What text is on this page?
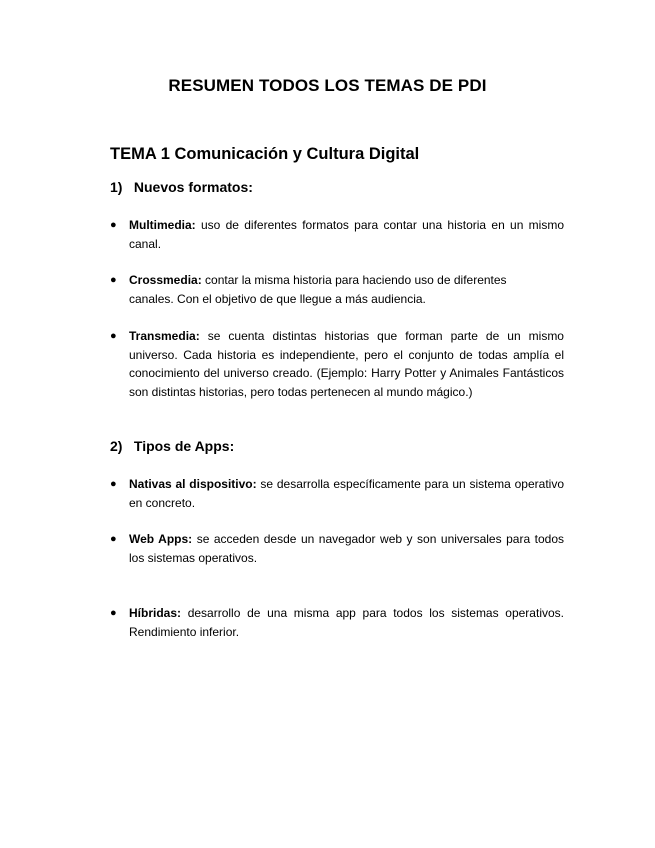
RESUMEN TODOS LOS TEMAS DE PDI
TEMA 1 Comunicación y Cultura Digital
1) Nuevos formatos:
● Multimedia: uso de diferentes formatos para contar una historia en un mismo canal.
● Crossmedia: contar la misma historia para haciendo uso de diferentes canales. Con el objetivo de que llegue a más audiencia.
● Transmedia: se cuenta distintas historias que forman parte de un mismo universo. Cada historia es independiente, pero el conjunto de todas amplía el conocimiento del universo creado. (Ejemplo: Harry Potter y Animales Fantásticos son distintas historias, pero todas pertenecen al mundo mágico.)
2) Tipos de Apps:
● Nativas al dispositivo: se desarrolla específicamente para un sistema operativo en concreto.
● Web Apps: se acceden desde un navegador web y son universales para todos los sistemas operativos.
● Híbridas: desarrollo de una misma app para todos los sistemas operativos. Rendimiento inferior.
